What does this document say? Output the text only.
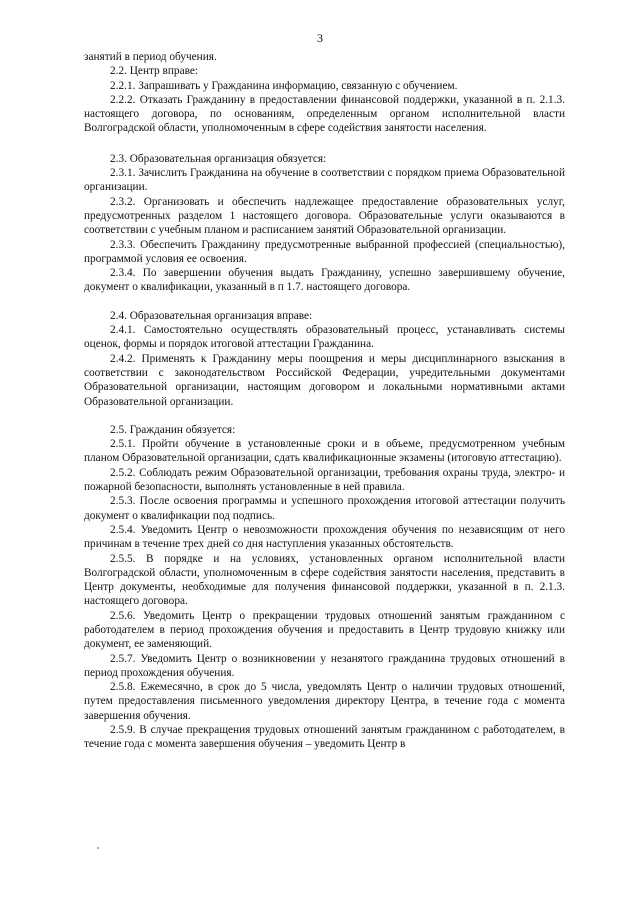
3

занятий в период обучения.

2.2. Центр вправе:

2.2.1. Запрашивать у Гражданина информацию, связанную с обучением.

2.2.2. Отказать Гражданину в предоставлении финансовой поддержки, указанной в п. 2.1.3. настоящего договора, по основаниям, определенным органом исполнительной власти Волгоградской области, уполномоченным в сфере содействия занятости населения.

2.3. Образовательная организация обязуется:

2.3.1. Зачислить Гражданина на обучение в соответствии с порядком приема Образовательной организации.

2.3.2. Организовать и обеспечить надлежащее предоставление образовательных услуг, предусмотренных разделом 1 настоящего договора. Образовательные услуги оказываются в соответствии с учебным планом и расписанием занятий Образовательной организации.

2.3.3. Обеспечить Гражданину предусмотренные выбранной профессией (специальностью), программой условия ее освоения.

2.3.4. По завершении обучения выдать Гражданину, успешно завершившему обучение, документ о квалификации, указанный в п 1.7. настоящего договора.

2.4. Образовательная организация вправе:

2.4.1. Самостоятельно осуществлять образовательный процесс, устанавливать системы оценок, формы и порядок итоговой аттестации Гражданина.

2.4.2. Применять к Гражданину меры поощрения и меры дисциплинарного взыскания в соответствии с законодательством Российской Федерации, учредительными документами Образовательной организации, настоящим договором и локальными нормативными актами Образовательной организации.

2.5. Гражданин обязуется:

2.5.1. Пройти обучение в установленные сроки и в объеме, предусмотренном учебным планом Образовательной организации, сдать квалификационные экзамены (итоговую аттестацию).

2.5.2. Соблюдать режим Образовательной организации, требования охраны труда, электро- и пожарной безопасности, выполнять установленные в ней правила.

2.5.3. После освоения программы и успешного прохождения итоговой аттестации получить документ о квалификации под подпись.

2.5.4. Уведомить Центр о невозможности прохождения обучения по независящим от него причинам в течение трех дней со дня наступления указанных обстоятельств.

2.5.5. В порядке и на условиях, установленных органом исполнительной власти Волгоградской области, уполномоченным в сфере содействия занятости населения, представить в Центр документы, необходимые для получения финансовой поддержки, указанной в п. 2.1.3. настоящего договора.

2.5.6. Уведомить Центр о прекращении трудовых отношений занятым гражданином с работодателем в период прохождения обучения и предоставить в Центр трудовую книжку или документ, ее заменяющий.

2.5.7. Уведомить Центр о возникновении у незанятого гражданина трудовых отношений в период прохождения обучения.

2.5.8. Ежемесячно, в срок до 5 числа, уведомлять Центр о наличии трудовых отношений, путем предоставления письменного уведомления директору Центра, в течение года с момента завершения обучения.

2.5.9. В случае прекращения трудовых отношений занятым гражданином с работодателем, в течение года с момента завершения обучения – уведомить Центр в
